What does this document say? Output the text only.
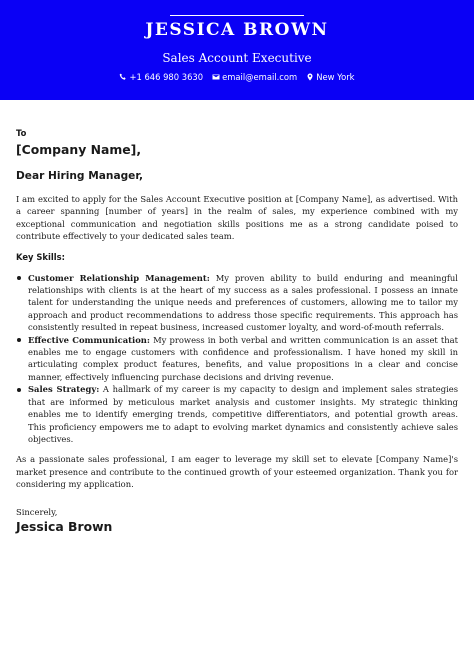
JESSICA BROWN
Sales Account Executive
+1 646 980 3630 email@email.com New York

To

[Company Name],

Dear Hiring Manager,

I am excited to apply for the Sales Account Executive position at [Company Name], as advertised. With a career spanning [number of years] in the realm of sales, my experience combined with my exceptional communication and negotiation skills positions me as a strong candidate poised to contribute effectively to your dedicated sales team.

Key Skills:

Customer Relationship Management: My proven ability to build enduring and meaningful relationships with clients is at the heart of my success as a sales professional. I possess an innate talent for understanding the unique needs and preferences of customers, allowing me to tailor my approach and product recommendations to address those specific requirements. This approach has consistently resulted in repeat business, increased customer loyalty, and word-of-mouth referrals.
Effective Communication: My prowess in both verbal and written communication is an asset that enables me to engage customers with confidence and professionalism. I have honed my skill in articulating complex product features, benefits, and value propositions in a clear and concise manner, effectively influencing purchase decisions and driving revenue.
Sales Strategy: A hallmark of my career is my capacity to design and implement sales strategies that are informed by meticulous market analysis and customer insights. My strategic thinking enables me to identify emerging trends, competitive differentiators, and potential growth areas. This proficiency empowers me to adapt to evolving market dynamics and consistently achieve sales objectives.

As a passionate sales professional, I am eager to leverage my skill set to elevate [Company Name]'s market presence and contribute to the continued growth of your esteemed organization. Thank you for considering my application.

Sincerely,

Jessica Brown
